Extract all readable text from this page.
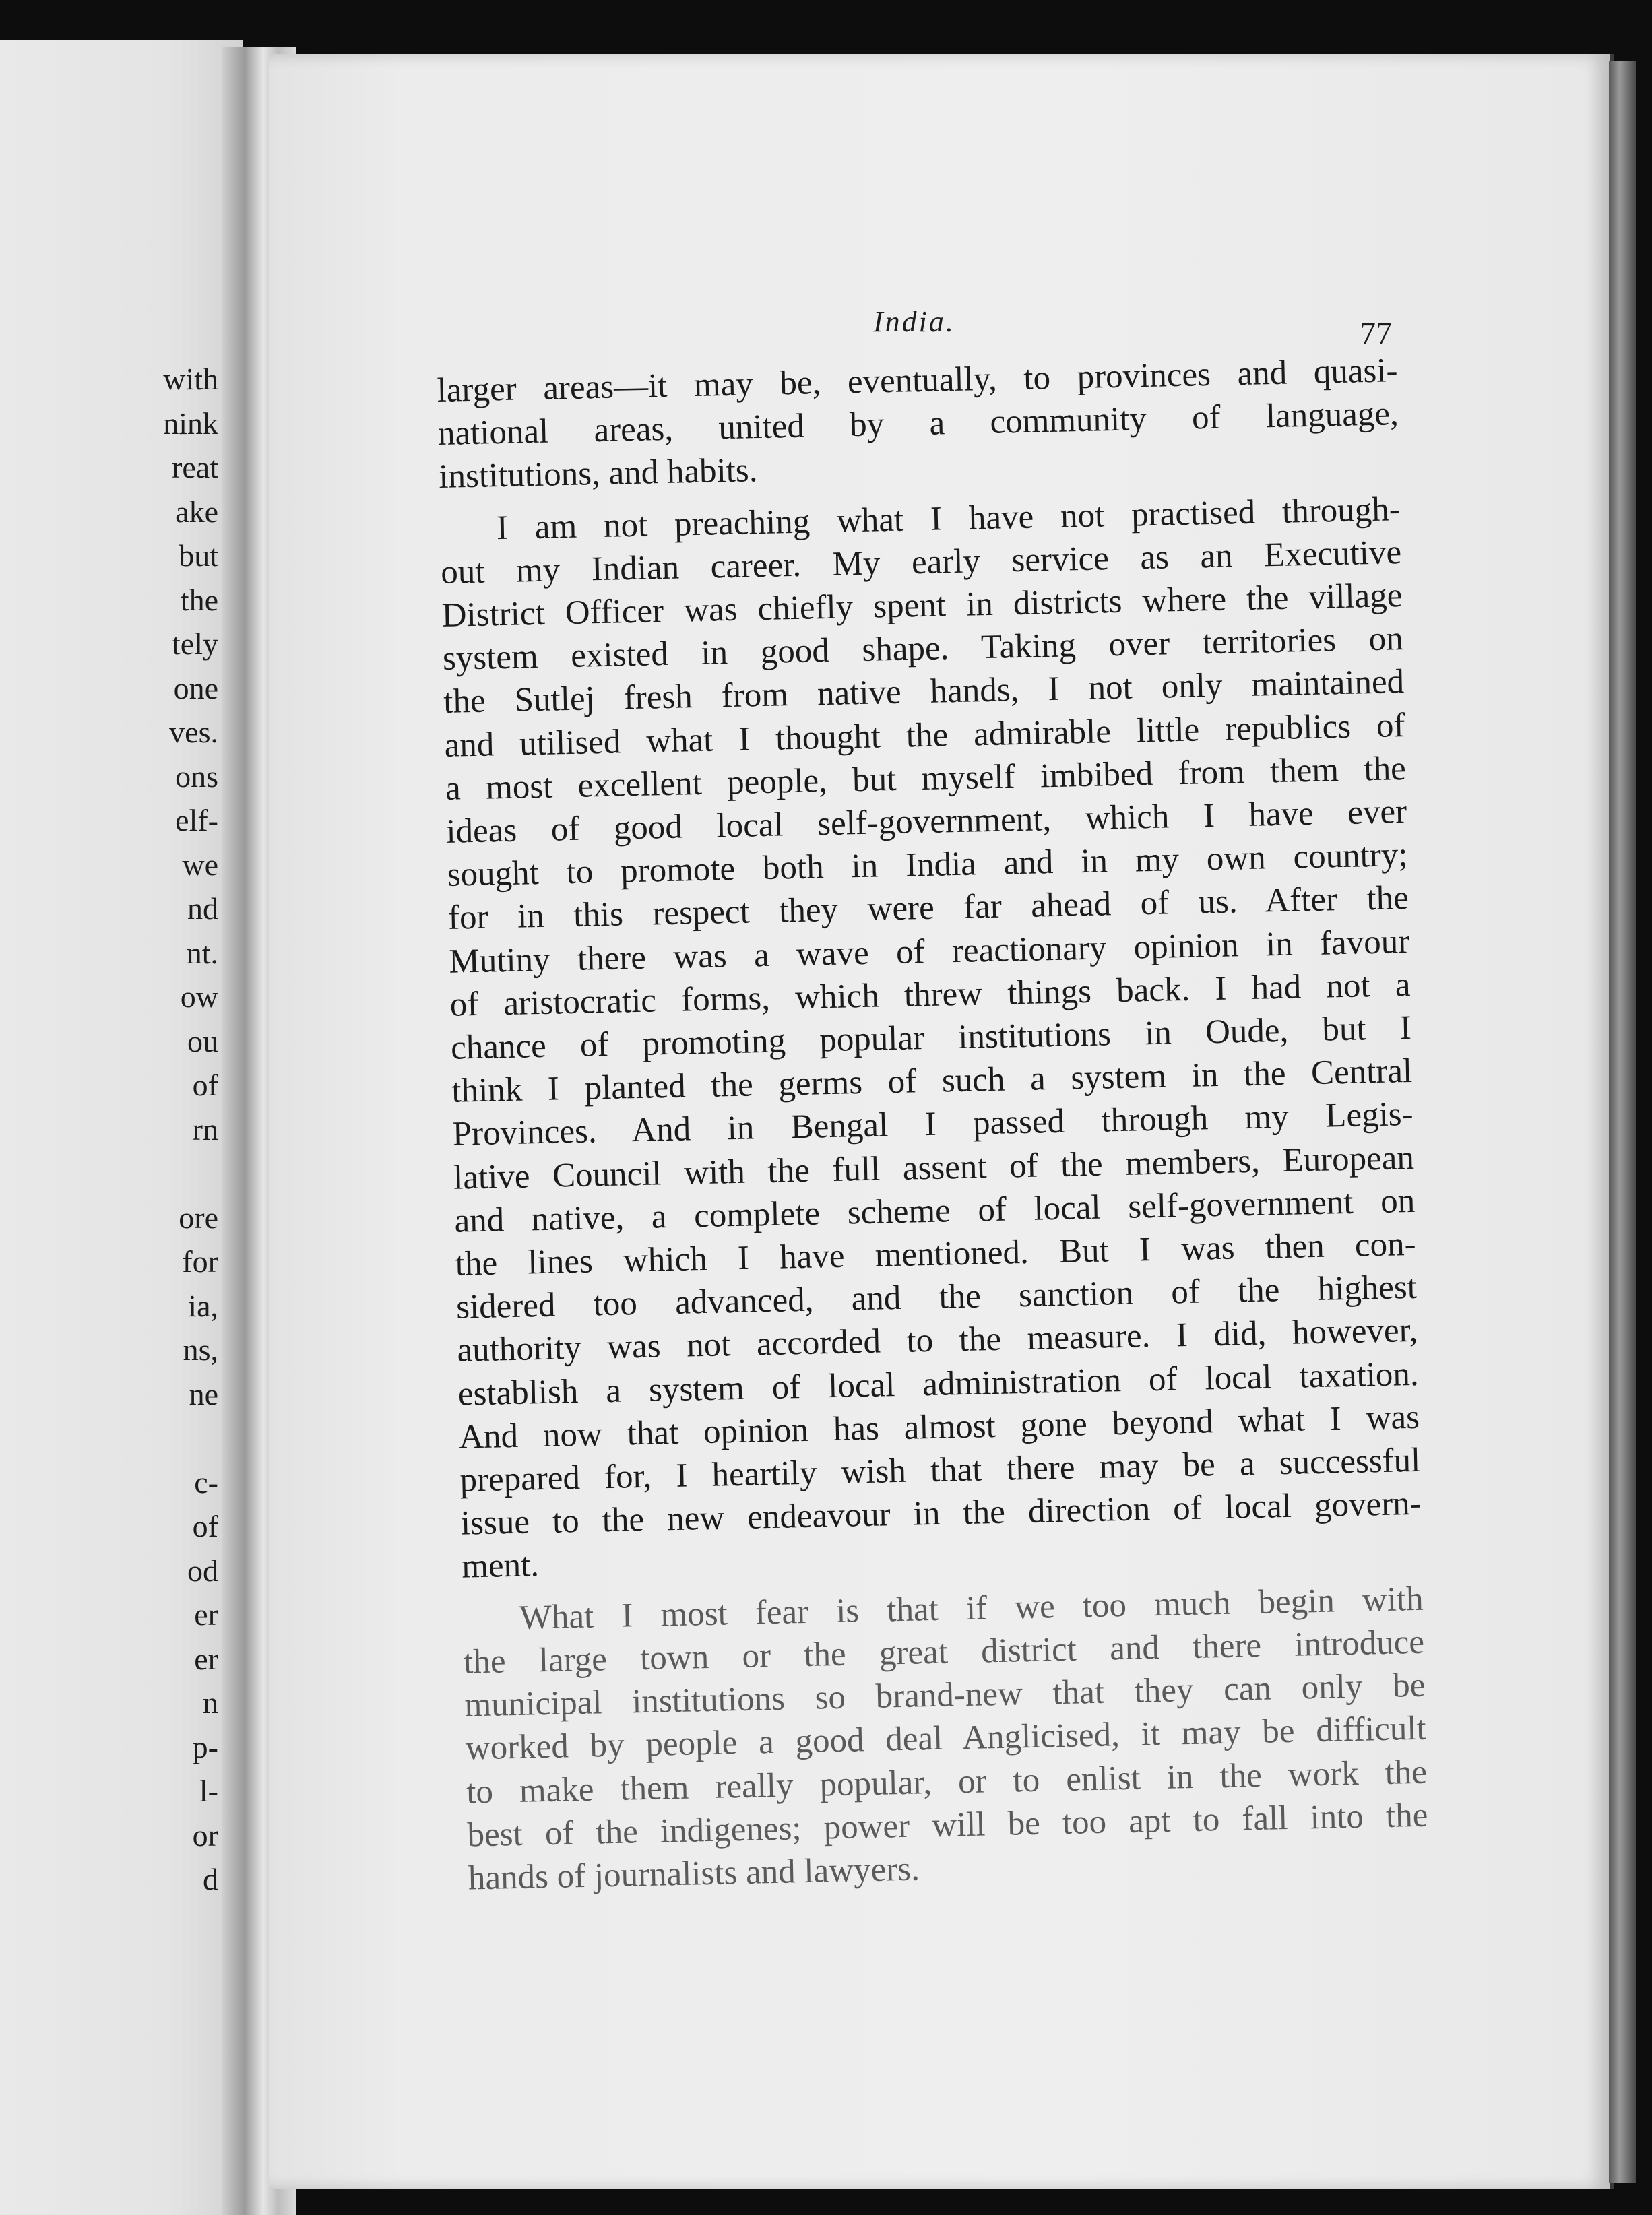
with
nink
reat
ake
but
the
tely
one
ves.
ons
elf-
we
nd
nt.
ow
ou
of
rn
ore
for
ia,
ns,
ne
c-
of
od
er
er
n
p-
l-
or
d
India.	77
larger areas—it may be, eventually, to provinces and quasi-
national areas, united by a community of language,
institutions, and habits.
I am not preaching what I have not practised through-
out my Indian career. My early service as an Executive
District Officer was chiefly spent in districts where the village
system existed in good shape. Taking over territories on
the Sutlej fresh from native hands, I not only maintained
and utilised what I thought the admirable little republics of
a most excellent people, but myself imbibed from them the
ideas of good local self-government, which I have ever
sought to promote both in India and in my own country;
for in this respect they were far ahead of us. After the
Mutiny there was a wave of reactionary opinion in favour
of aristocratic forms, which threw things back. I had not a
chance of promoting popular institutions in Oude, but I
think I planted the germs of such a system in the Central
Provinces. And in Bengal I passed through my Legis-
lative Council with the full assent of the members, European
and native, a complete scheme of local self-government on
the lines which I have mentioned. But I was then con-
sidered too advanced, and the sanction of the highest
authority was not accorded to the measure. I did, however,
establish a system of local administration of local taxation.
And now that opinion has almost gone beyond what I was
prepared for, I heartily wish that there may be a successful
issue to the new endeavour in the direction of local govern-
ment.
What I most fear is that if we too much begin with
the large town or the great district and there introduce
municipal institutions so brand-new that they can only be
worked by people a good deal Anglicised, it may be difficult
to make them really popular, or to enlist in the work the
best of the indigenes; power will be too apt to fall into the
hands of journalists and lawyers.
